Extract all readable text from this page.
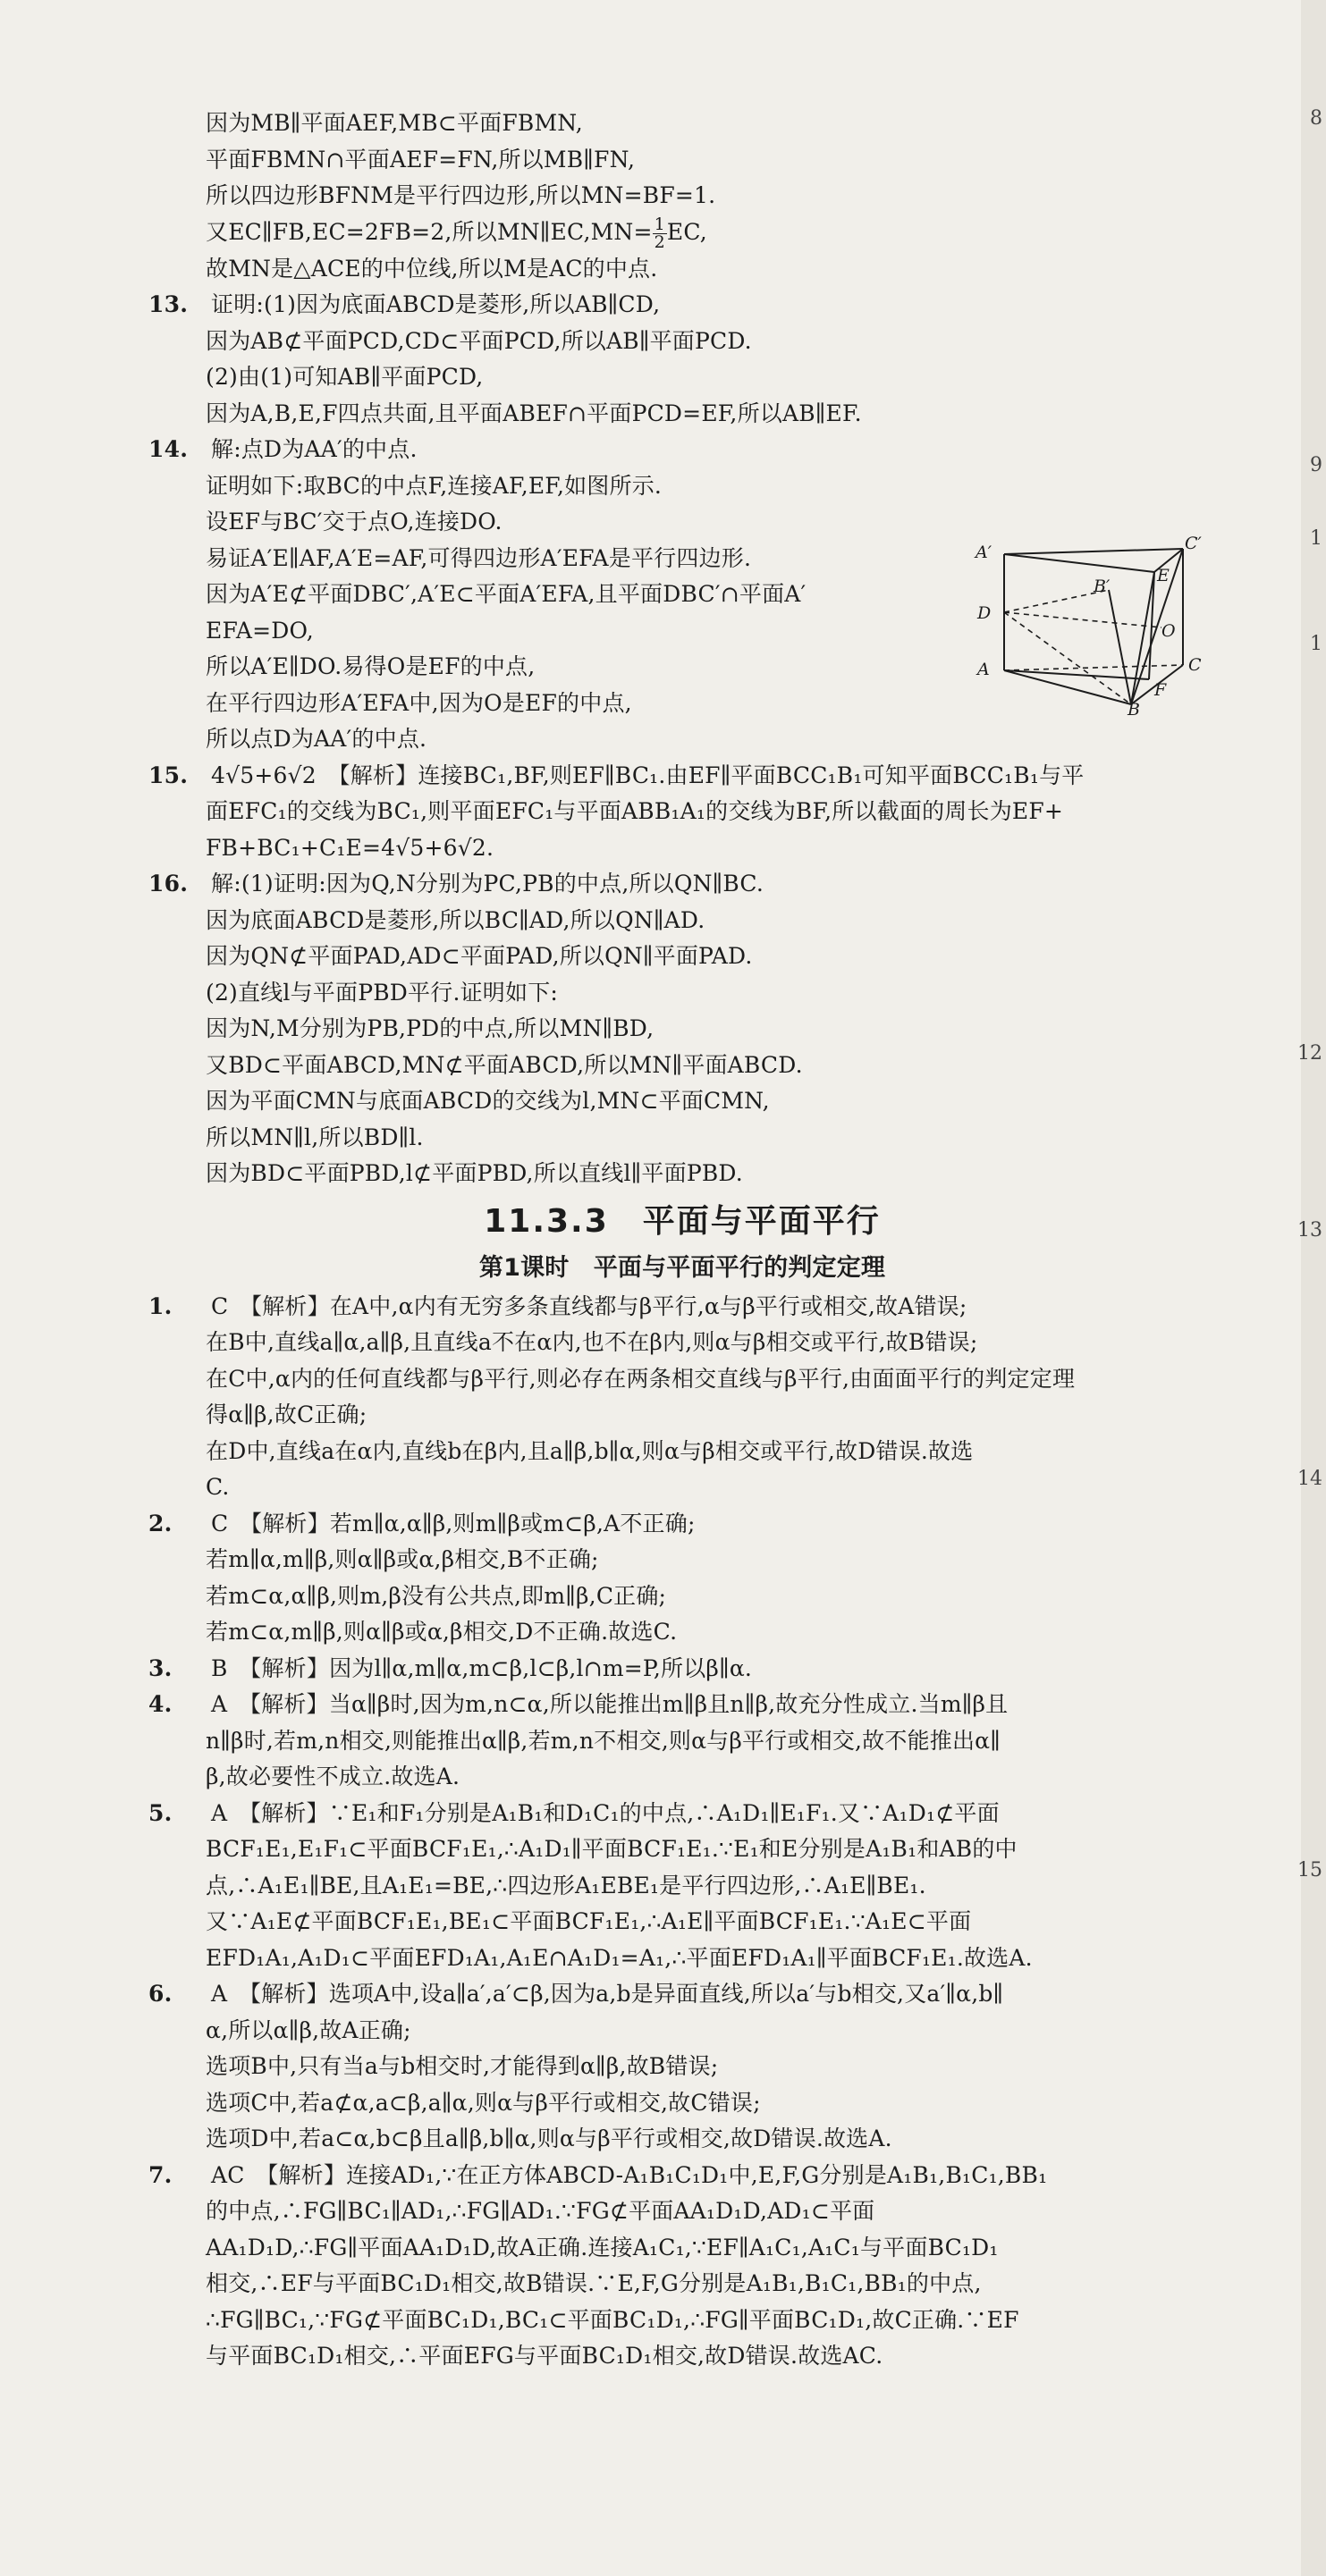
8
9
1
1
12
13
14
15
因为MB∥平面AEF,MB⊂平面FBMN,
平面FBMN∩平面AEF=FN,所以MB∥FN,
所以四边形BFNM是平行四边形,所以MN=BF=1.
又EC∥FB,EC=2FB=2,所以MN∥EC,MN= $\frac{1}{2}$ EC,
故MN是△ACE的中位线,所以M是AC的中点.
13. 证明:(1)因为底面ABCD是菱形,所以AB∥CD,
因为AB⊄平面PCD,CD⊂平面PCD,所以AB∥平面PCD.
(2)由(1)可知AB∥平面PCD,
因为A,B,E,F四点共面,且平面ABEF∩平面PCD=EF,所以AB∥EF.
14. 解:点D为AA′的中点.
证明如下:取BC的中点F,连接AF,EF,如图所示.
设EF与BC′交于点O,连接DO.
易证A′E∥AF,A′E=AF,可得四边形A′EFA是平行四边形.
因为A′E⊄平面DBC′,A′E⊂平面A′EFA,且平面DBC′∩平面A′
EFA=DO,
所以A′E∥DO.易得O是EF的中点,
在平行四边形A′EFA中,因为O是EF的中点,
所以点D为AA′的中点.
15. 4√5+6√2　【解析】连接BC₁,BF,则EF∥BC₁.由EF∥平面BCC₁B₁可知平面BCC₁B₁与平
面EFC₁的交线为BC₁,则平面EFC₁与平面ABB₁A₁的交线为BF,所以截面的周长为EF+
FB+BC₁+C₁E=4√5+6√2.
16. 解:(1)证明:因为Q,N分别为PC,PB的中点,所以QN∥BC.
因为底面ABCD是菱形,所以BC∥AD,所以QN∥AD.
因为QN⊄平面PAD,AD⊂平面PAD,所以QN∥平面PAD.
(2)直线l与平面PBD平行.证明如下:
因为N,M分别为PB,PD的中点,所以MN∥BD,
又BD⊂平面ABCD,MN⊄平面ABCD,所以MN∥平面ABCD.
因为平面CMN与底面ABCD的交线为l,MN⊂平面CMN,
所以MN∥l,所以BD∥l.
因为BD⊂平面PBD,l⊄平面PBD,所以直线l∥平面PBD.
11.3.3　平面与平面平行
第1课时　平面与平面平行的判定定理
1. C　【解析】在A中,α内有无穷多条直线都与β平行,α与β平行或相交,故A错误;
在B中,直线a∥α,a∥β,且直线a不在α内,也不在β内,则α与β相交或平行,故B错误;
在C中,α内的任何直线都与β平行,则必存在两条相交直线与β平行,由面面平行的判定定理
得α∥β,故C正确;
在D中,直线a在α内,直线b在β内,且a∥β,b∥α,则α与β相交或平行,故D错误.故选
C.
2. C　【解析】若m∥α,α∥β,则m∥β或m⊂β,A不正确;
若m∥α,m∥β,则α∥β或α,β相交,B不正确;
若m⊂α,α∥β,则m,β没有公共点,即m∥β,C正确;
若m⊂α,m∥β,则α∥β或α,β相交,D不正确.故选C.
3. B　【解析】因为l∥α,m∥α,m⊂β,l⊂β,l∩m=P,所以β∥α.
4. A　【解析】当α∥β时,因为m,n⊂α,所以能推出m∥β且n∥β,故充分性成立.当m∥β且
n∥β时,若m,n相交,则能推出α∥β,若m,n不相交,则α与β平行或相交,故不能推出α∥
β,故必要性不成立.故选A.
5. A　【解析】∵E₁和F₁分别是A₁B₁和D₁C₁的中点,∴A₁D₁∥E₁F₁.又∵A₁D₁⊄平面
BCF₁E₁,E₁F₁⊂平面BCF₁E₁,∴A₁D₁∥平面BCF₁E₁.∵E₁和E分别是A₁B₁和AB的中
点,∴A₁E₁∥BE,且A₁E₁=BE,∴四边形A₁EBE₁是平行四边形,∴A₁E∥BE₁.
又∵A₁E⊄平面BCF₁E₁,BE₁⊂平面BCF₁E₁,∴A₁E∥平面BCF₁E₁.∵A₁E⊂平面
EFD₁A₁,A₁D₁⊂平面EFD₁A₁,A₁E∩A₁D₁=A₁,∴平面EFD₁A₁∥平面BCF₁E₁.故选A.
6. A　【解析】选项A中,设a∥a′,a′⊂β,因为a,b是异面直线,所以a′与b相交,又a′∥α,b∥
α,所以α∥β,故A正确;
选项B中,只有当a与b相交时,才能得到α∥β,故B错误;
选项C中,若a⊄α,a⊂β,a∥α,则α与β平行或相交,故C错误;
选项D中,若a⊂α,b⊂β且a∥β,b∥α,则α与β平行或相交,故D错误.故选A.
7. AC　【解析】连接AD₁,∵在正方体ABCD-A₁B₁C₁D₁中,E,F,G分别是A₁B₁,B₁C₁,BB₁
的中点,∴FG∥BC₁∥AD₁,∴FG∥AD₁.∵FG⊄平面AA₁D₁D,AD₁⊂平面
AA₁D₁D,∴FG∥平面AA₁D₁D,故A正确.连接A₁C₁,∵EF∥A₁C₁,A₁C₁与平面BC₁D₁
相交,∴EF与平面BC₁D₁相交,故B错误.∵E,F,G分别是A₁B₁,B₁C₁,BB₁的中点,
∴FG∥BC₁,∵FG⊄平面BC₁D₁,BC₁⊂平面BC₁D₁,∴FG∥平面BC₁D₁,故C正确.∵EF
与平面BC₁D₁相交,∴平面EFG与平面BC₁D₁相交,故D错误.故选AC.
A′	C′
E
B′
D
O
A	C
F
B
